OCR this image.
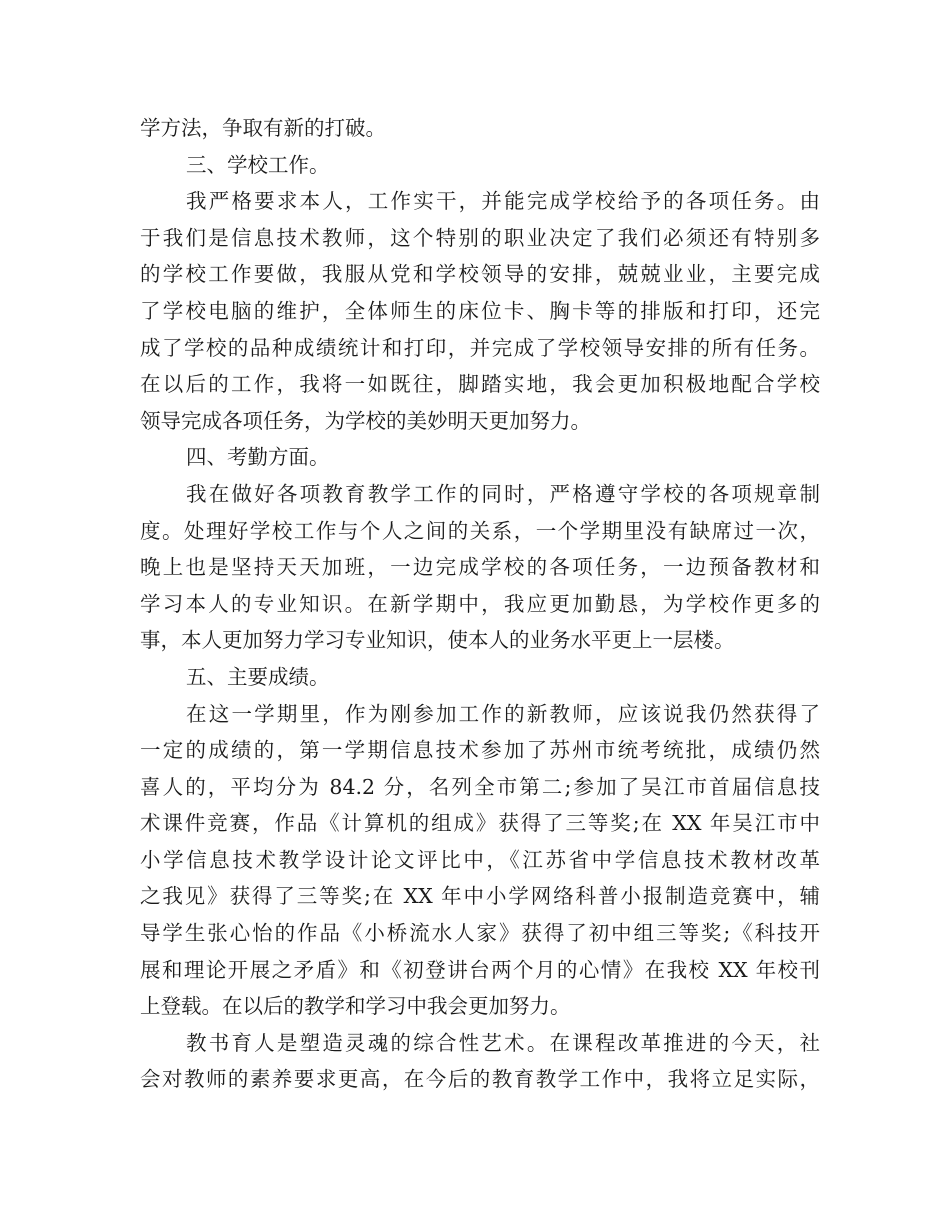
学方法，争取有新的打破。
三、学校工作。
我严格要求本人，工作实干，并能完成学校给予的各项任务。由
于我们是信息技术教师，这个特别的职业决定了我们必须还有特别多
的学校工作要做，我服从党和学校领导的安排，兢兢业业，主要完成
了学校电脑的维护，全体师生的床位卡、胸卡等的排版和打印，还完
成了学校的品种成绩统计和打印，并完成了学校领导安排的所有任务。
在以后的工作，我将一如既往，脚踏实地，我会更加积极地配合学校
领导完成各项任务，为学校的美妙明天更加努力。
四、考勤方面。
我在做好各项教育教学工作的同时，严格遵守学校的各项规章制
度。处理好学校工作与个人之间的关系，一个学期里没有缺席过一次，
晚上也是坚持天天加班，一边完成学校的各项任务，一边预备教材和
学习本人的专业知识。在新学期中，我应更加勤恳，为学校作更多的
事，本人更加努力学习专业知识，使本人的业务水平更上一层楼。
五、主要成绩。
在这一学期里，作为刚参加工作的新教师，应该说我仍然获得了
一定的成绩的，第一学期信息技术参加了苏州市统考统批，成绩仍然
喜人的，平均分为 84.2 分，名列全市第二;参加了吴江市首届信息技
术课件竞赛，作品《计算机的组成》获得了三等奖;在 XX 年吴江市中
小学信息技术教学设计论文评比中，《江苏省中学信息技术教材改革
之我见》获得了三等奖;在 XX 年中小学网络科普小报制造竞赛中，辅
导学生张心怡的作品《小桥流水人家》获得了初中组三等奖;《科技开
展和理论开展之矛盾》和《初登讲台两个月的心情》在我校 XX 年校刊
上登载。在以后的教学和学习中我会更加努力。
教书育人是塑造灵魂的综合性艺术。在课程改革推进的今天，社
会对教师的素养要求更高，在今后的教育教学工作中，我将立足实际，
